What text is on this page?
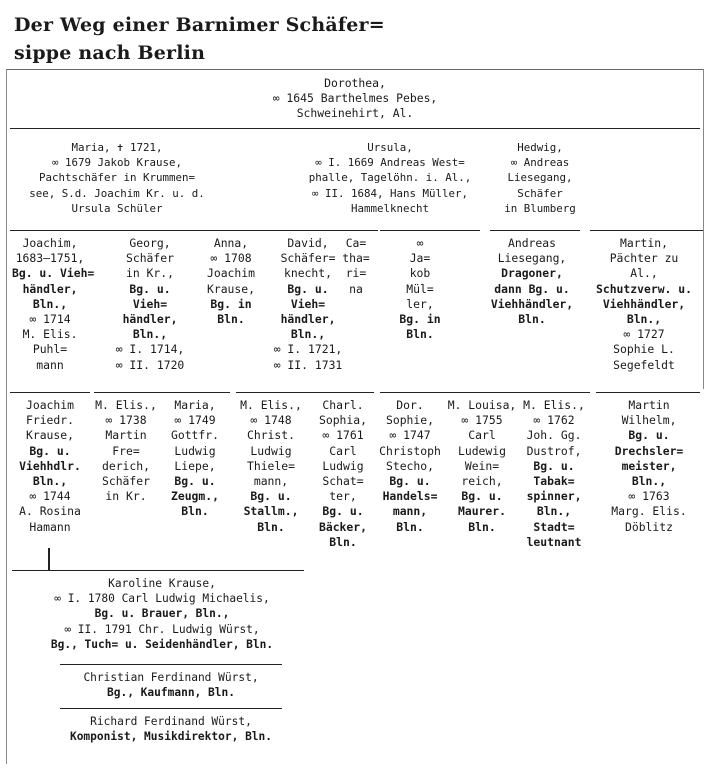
Der Weg einer Barnimer Schäfer=
sippe nach Berlin
Dorothea,
∞ 1645 Barthelmes Pebes,
Schweinehirt, Al.
Maria, ✝ 1721,
∞ 1679 Jakob Krause,
Pachtschäfer in Krummen=
see, S.d. Joachim Kr. u. d.
Ursula Schüler
Ursula,
∞ I. 1669 Andreas West=
phalle, Tagelöhn. i. Al.,
∞ II. 1684, Hans Müller,
Hammelknecht
Hedwig,
∞ Andreas
Liesegang,
Schäfer
in Blumberg
Joachim,
1683—1751,
Bg. u. Vieh=
händler,
Bln.,
∞ 1714
M. Elis.
Puhl=
mann
Georg,
Schäfer
in Kr.,
Bg. u.
Vieh=
händler,
Bln.,
∞ I. 1714,
∞ II. 1720
Anna,
∞ 1708
Joachim
Krause,
Bg. in
Bln.
David,
Schäfer=
knecht,
Bg. u.
Vieh=
händler,
Bln.,
∞ I. 1721,
∞ II. 1731
Ca=
tha=
ri=
na
∞
Ja=
kob
Mül=
ler,
Bg. in
Bln.
Andreas
Liesegang,
Dragoner,
dann Bg. u.
Viehhändler,
Bln.
Martin,
Pächter zu
Al.,
Schutzverw. u.
Viehhändler,
Bln.,
∞ 1727
Sophie L.
Segefeldt
Joachim
Friedr.
Krause,
Bg. u.
Viehhdlr.
Bln.,
∞ 1744
A. Rosina
Hamann
M. Elis.,
∞ 1738
Martin
Fre=
derich,
Schäfer
in Kr.
Maria,
∞ 1749
Gottfr.
Ludwig
Liepe,
Bg. u.
Zeugm.,
Bln.
M. Elis.,
∞ 1748
Christ.
Ludwig
Thiele=
mann,
Bg. u.
Stallm.,
Bln.
Charl.
Sophia,
∞ 1761
Carl
Ludwig
Schat=
ter,
Bg. u.
Bäcker,
Bln.
Dor.
Sophie,
∞ 1747
Christoph
Stecho,
Bg. u.
Handels=
mann,
Bln.
M. Louisa,
∞ 1755
Carl
Ludewig
Wein=
reich,
Bg. u.
Maurer.
Bln.
M. Elis.,
∞ 1762
Joh. Gg.
Dustrof,
Bg. u.
Tabak=
spinner,
Bln.,
Stadt=
leutnant
Martin
Wilhelm,
Bg. u.
Drechsler=
meister,
Bln.,
∞ 1763
Marg. Elis.
Döblitz
Karoline Krause,
∞ I. 1780 Carl Ludwig Michaelis,
Bg. u. Brauer, Bln.,
∞ II. 1791 Chr. Ludwig Würst,
Bg., Tuch= u. Seidenhändler, Bln.
Christian Ferdinand Würst,
Bg., Kaufmann, Bln.
Richard Ferdinand Würst,
Komponist, Musikdirektor, Bln.
